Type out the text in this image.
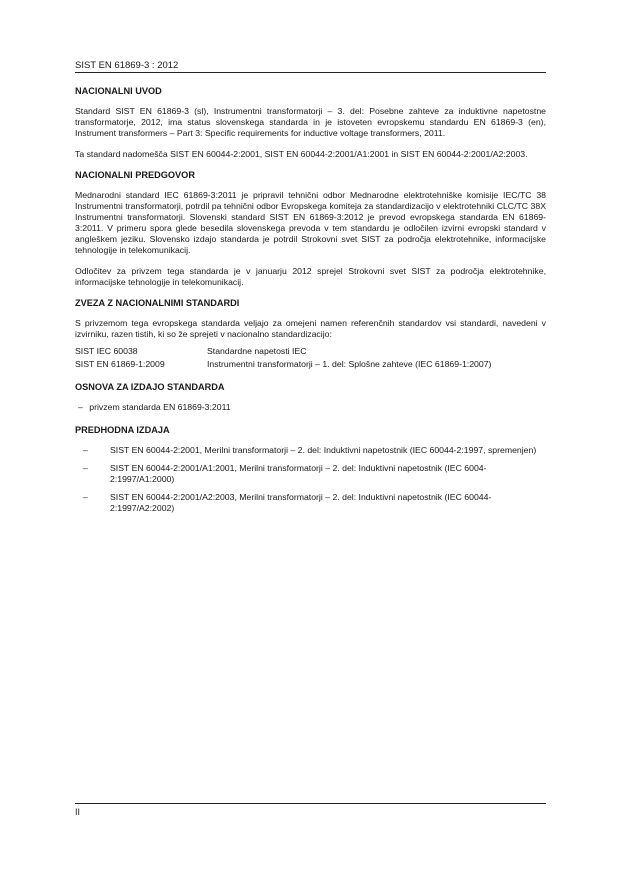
SIST EN 61869-3 : 2012
NACIONALNI UVOD

Standard SIST EN 61869-3 (sl), Instrumentni transformatorji – 3. del: Posebne zahteve za induktivne napetostne transformatorje, 2012, ima status slovenskega standarda in je istoveten evropskemu standardu EN 61869-3 (en), Instrument transformers – Part 3: Specific requirements for inductive voltage transformers, 2011.

Ta standard nadomešča SIST EN 60044-2:2001, SIST EN 60044-2:2001/A1:2001 in SIST EN 60044-2:2001/A2:2003.

NACIONALNI PREDGOVOR

Mednarodni standard IEC 61869-3:2011 je pripravil tehnični odbor Mednarodne elektrotehniške komisije IEC/TC 38 Instrumentni transformatorji, potrdil pa tehnični odbor Evropskega komiteja za standardizacijo v elektrotehniki CLC/TC 38X Instrumentni transformatorji. Slovenski standard SIST EN 61869-3:2012 je prevod evropskega standarda EN 61869-3:2011. V primeru spora glede besedila slovenskega prevoda v tem standardu je odločilen izvirni evropski standard v angleškem jeziku. Slovensko izdajo standarda je potrdil Strokovni svet SIST za področja elektrotehnike, informacijske tehnologije in telekomunikacij.

Odločitev za privzem tega standarda je v januarju 2012 sprejel Strokovni svet SIST za področja elektrotehnike, informacijske tehnologije in telekomunikacij.

ZVEZA Z NACIONALNIMI STANDARDI

S privzemom tega evropskega standarda veljajo za omejeni namen referenčnih standardov vsi standardi, navedeni v izvirniku, razen tistih, ki so že sprejeti v nacionalno standardizacijo:

SIST IEC 60038	Standardne napetosti IEC
SIST EN 61869-1:2009	Instrumentni transformatorji – 1. del: Splošne zahteve (IEC 61869-1:2007)
OSNOVA ZA IZDAJO STANDARDA

– privzem standarda EN 61869-3:2011

PREDHODNA IZDAJA
–	SIST EN 60044-2:2001, Merilni transformatorji – 2. del: Induktivni napetostnik (IEC 60044-2:1997, spremenjen)
–	SIST EN 60044-2:2001/A1:2001, Merilni transformatorji – 2. del: Induktivni napetostnik (IEC 6004-2:1997/A1:2000)
–	SIST EN 60044-2:2001/A2:2003, Merilni transformatorji – 2. del: Induktivni napetostnik (IEC 60044-2:1997/A2:2002)
II
